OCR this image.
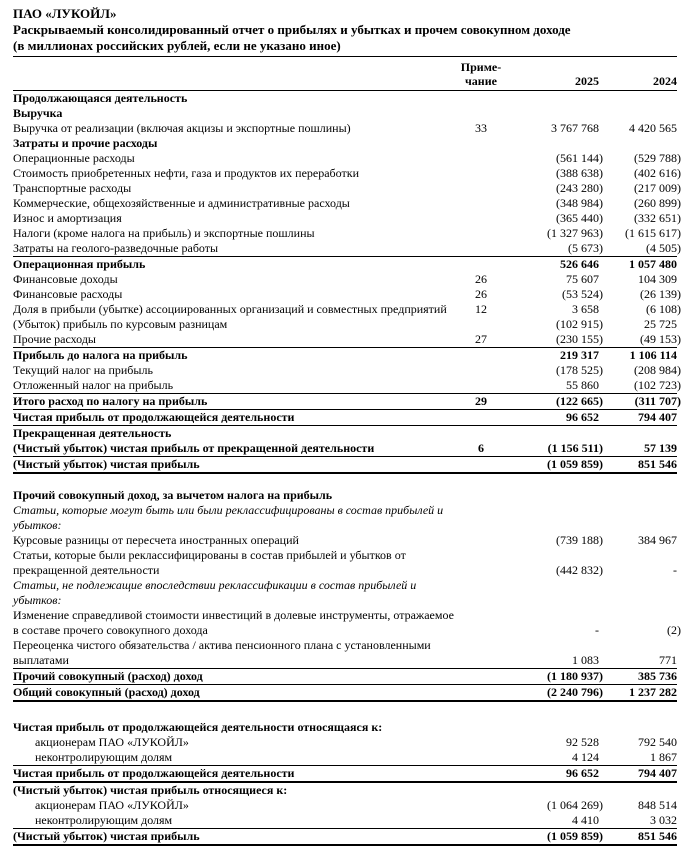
ПАО «ЛУКОЙЛ»
Раскрываемый консолидированный отчет о прибылях и убытках и прочем совокупном доходе
(в миллионах российских рублей, если не указано иное)
Приме-
чание	2025	2024
Продолжающаяся деятельность
Выручка
Выручка от реализации (включая акцизы и экспортные пошлины)	33	3 767 768	4 420 565
Затраты и прочие расходы
Операционные расходы	(561 144)	(529 788)
Стоимость приобретенных нефти, газа и продуктов их переработки	(388 638)	(402 616)
Транспортные расходы	(243 280)	(217 009)
Коммерческие, общехозяйственные и административные расходы	(348 984)	(260 899)
Износ и амортизация	(365 440)	(332 651)
Налоги (кроме налога на прибыль) и экспортные пошлины	(1 327 963)	(1 615 617)
Затраты на геолого-разведочные работы	(5 673)	(4 505)
Операционная прибыль	526 646	1 057 480
Финансовые доходы	26	75 607	104 309
Финансовые расходы	26	(53 524)	(26 139)
Доля в прибыли (убытке) ассоциированных организаций и совместных предприятий	12	3 658	(6 108)
(Убыток) прибыль по курсовым разницам	(102 915)	25 725
Прочие расходы	27	(230 155)	(49 153)
Прибыль до налога на прибыль	219 317	1 106 114
Текущий налог на прибыль	(178 525)	(208 984)
Отложенный налог на прибыль	55 860	(102 723)
Итого расход по налогу на прибыль	29	(122 665)	(311 707)
Чистая прибыль от продолжающейся деятельности	96 652	794 407
Прекращенная деятельность
(Чистый убыток) чистая прибыль от прекращенной деятельности	6	(1 156 511)	57 139
(Чистый убыток) чистая прибыль	(1 059 859)	851 546
Прочий совокупный доход, за вычетом налога на прибыль
Статьи, которые могут быть или были реклассифицированы в состав прибылей и убытков:
Курсовые разницы от пересчета иностранных операций	(739 188)	384 967
Статьи, которые были реклассифицированы в состав прибылей и убытков от прекращенной деятельности	(442 832)	-
Статьи, не подлежащие впоследствии реклассификации в состав прибылей и убытков:
Изменение справедливой стоимости инвестиций в долевые инструменты, отражаемое в составе прочего совокупного дохода	-	(2)
Переоценка чистого обязательства / актива пенсионного плана с установленными выплатами	1 083	771
Прочий совокупный (расход) доход	(1 180 937)	385 736
Общий совокупный (расход) доход	(2 240 796)	1 237 282
Чистая прибыль от продолжающейся деятельности относящаяся к:
акционерам ПАО «ЛУКОЙЛ»	92 528	792 540
неконтролирующим долям	4 124	1 867
Чистая прибыль от продолжающейся деятельности	96 652	794 407
(Чистый убыток) чистая прибыль относящиеся к:
акционерам ПАО «ЛУКОЙЛ»	(1 064 269)	848 514
неконтролирующим долям	4 410	3 032
(Чистый убыток) чистая прибыль	(1 059 859)	851 546
